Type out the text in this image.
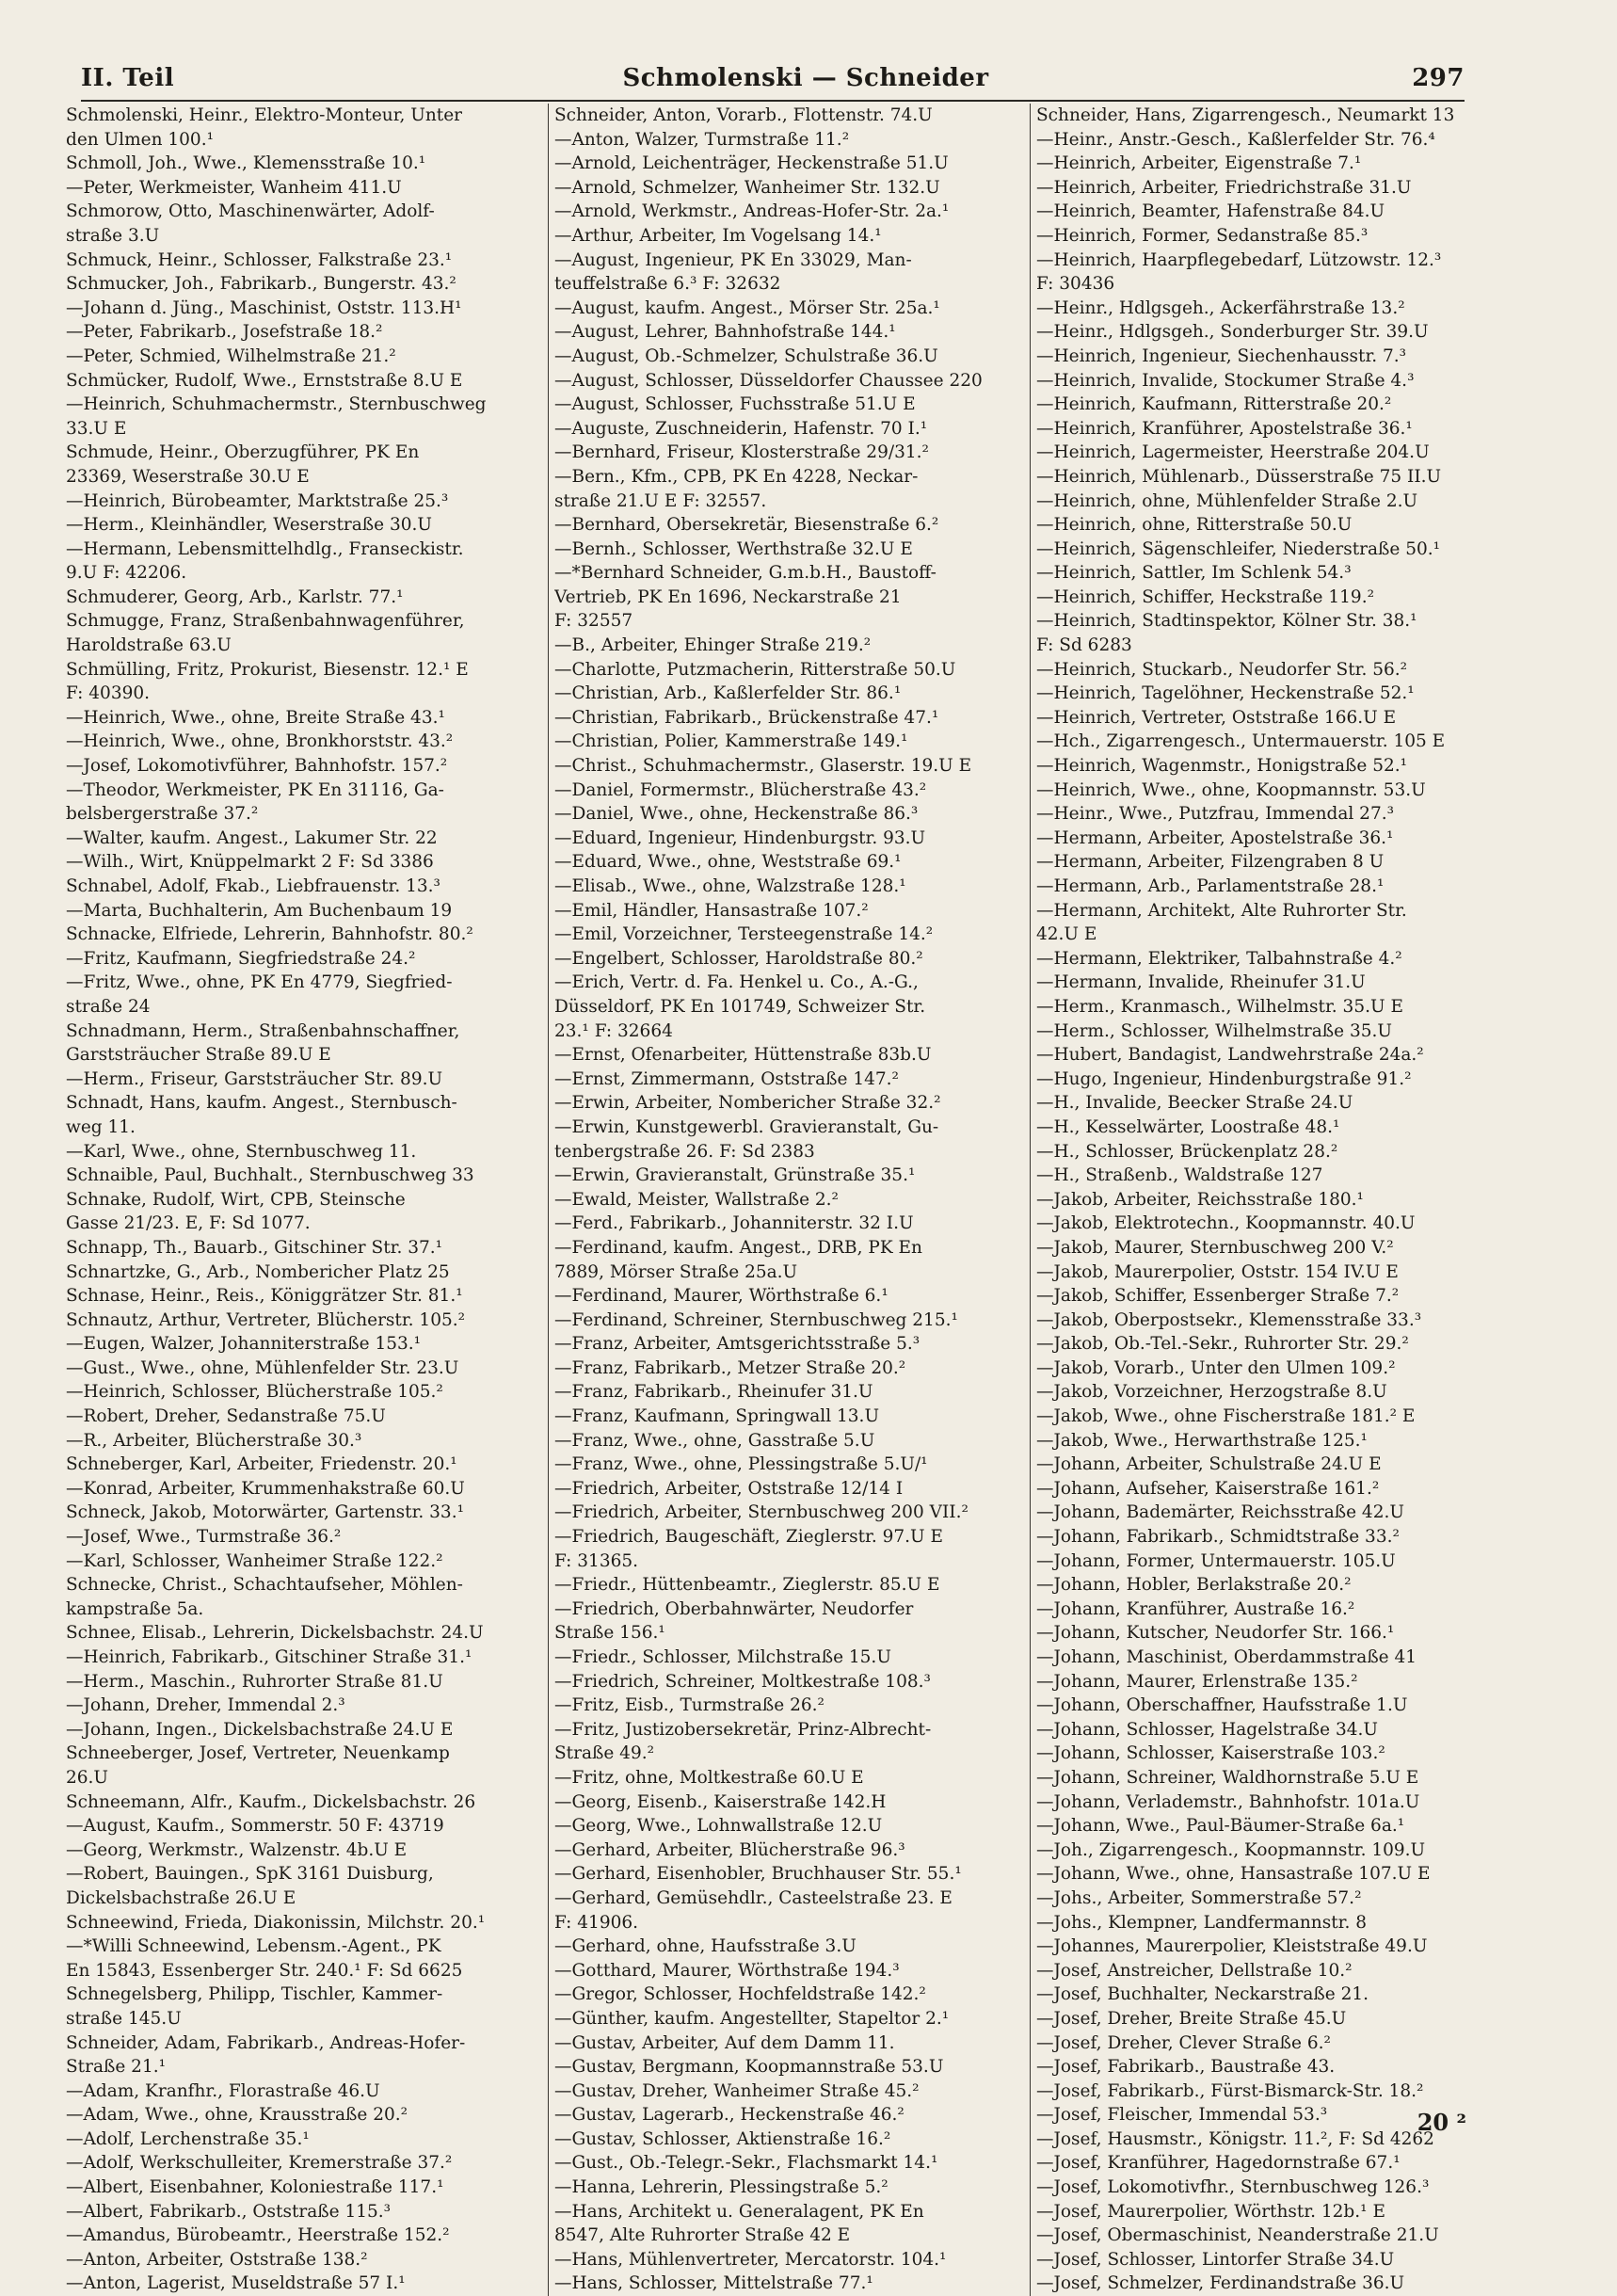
II. Teil	Schmolenski — Schneider	297
Schmolenski, Heinr., Elektro-Monteur, Unter
den Ulmen 100.¹
Schmoll, Joh., Wwe., Klemensstraße 10.¹
—Peter, Werkmeister, Wanheim 411.U
Schmorow, Otto, Maschinenwärter, Adolf-
straße 3.U
Schmuck, Heinr., Schlosser, Falkstraße 23.¹
Schmucker, Joh., Fabrikarb., Bungerstr. 43.²
—Johann d. Jüng., Maschinist, Oststr. 113.H¹
—Peter, Fabrikarb., Josefstraße 18.²
—Peter, Schmied, Wilhelmstraße 21.²
Schmücker, Rudolf, Wwe., Ernststraße 8.U E
—Heinrich, Schuhmachermstr., Sternbuschweg
33.U E
Schmude, Heinr., Oberzugführer, PK En
23369, Weserstraße 30.U E
—Heinrich, Bürobeamter, Marktstraße 25.³
—Herm., Kleinhändler, Weserstraße 30.U
—Hermann, Lebensmittelhdlg., Franseckistr.
9.U F: 42206.
Schmuderer, Georg, Arb., Karlstr. 77.¹
Schmugge, Franz, Straßenbahnwagenführer,
Haroldstraße 63.U
Schmülling, Fritz, Prokurist, Biesenstr. 12.¹ E
F: 40390.
—Heinrich, Wwe., ohne, Breite Straße 43.¹
—Heinrich, Wwe., ohne, Bronkhorststr. 43.²
—Josef, Lokomotivführer, Bahnhofstr. 157.²
—Theodor, Werkmeister, PK En 31116, Ga-
belsbergerstraße 37.²
—Walter, kaufm. Angest., Lakumer Str. 22
—Wilh., Wirt, Knüppelmarkt 2 F: Sd 3386
Schnabel, Adolf, Fkab., Liebfrauenstr. 13.³
—Marta, Buchhalterin, Am Buchenbaum 19
Schnacke, Elfriede, Lehrerin, Bahnhofstr. 80.²
—Fritz, Kaufmann, Siegfriedstraße 24.²
—Fritz, Wwe., ohne, PK En 4779, Siegfried-
straße 24
Schnadmann, Herm., Straßenbahnschaffner,
Garststräucher Straße 89.U E
—Herm., Friseur, Garststräucher Str. 89.U
Schnadt, Hans, kaufm. Angest., Sternbusch-
weg 11.
—Karl, Wwe., ohne, Sternbuschweg 11.
Schnaible, Paul, Buchhalt., Sternbuschweg 33
Schnake, Rudolf, Wirt, CPB, Steinsche
Gasse 21/23. E, F: Sd 1077.
Schnapp, Th., Bauarb., Gitschiner Str. 37.¹
Schnartzke, G., Arb., Nombericher Platz 25
Schnase, Heinr., Reis., Königgrätzer Str. 81.¹
Schnautz, Arthur, Vertreter, Blücherstr. 105.²
—Eugen, Walzer, Johanniterstraße 153.¹
—Gust., Wwe., ohne, Mühlenfelder Str. 23.U
—Heinrich, Schlosser, Blücherstraße 105.²
—Robert, Dreher, Sedanstraße 75.U
—R., Arbeiter, Blücherstraße 30.³
Schneberger, Karl, Arbeiter, Friedenstr. 20.¹
—Konrad, Arbeiter, Krummenhakstraße 60.U
Schneck, Jakob, Motorwärter, Gartenstr. 33.¹
—Josef, Wwe., Turmstraße 36.²
—Karl, Schlosser, Wanheimer Straße 122.²
Schnecke, Christ., Schachtaufseher, Möhlen-
kampstraße 5a.
Schnee, Elisab., Lehrerin, Dickelsbachstr. 24.U
—Heinrich, Fabrikarb., Gitschiner Straße 31.¹
—Herm., Maschin., Ruhrorter Straße 81.U
—Johann, Dreher, Immendal 2.³
—Johann, Ingen., Dickelsbachstraße 24.U E
Schneeberger, Josef, Vertreter, Neuenkamp
26.U
Schneemann, Alfr., Kaufm., Dickelsbachstr. 26
—August, Kaufm., Sommerstr. 50 F: 43719
—Georg, Werkmstr., Walzenstr. 4b.U E
—Robert, Bauingen., SpK 3161 Duisburg,
Dickelsbachstraße 26.U E
Schneewind, Frieda, Diakonissin, Milchstr. 20.¹
—*Willi Schneewind, Lebensm.-Agent., PK
En 15843, Essenberger Str. 240.¹ F: Sd 6625
Schnegelsberg, Philipp, Tischler, Kammer-
straße 145.U
Schneider, Adam, Fabrikarb., Andreas-Hofer-
Straße 21.¹
—Adam, Kranfhr., Florastraße 46.U
—Adam, Wwe., ohne, Krausstraße 20.²
—Adolf, Lerchenstraße 35.¹
—Adolf, Werkschulleiter, Kremerstraße 37.²
—Albert, Eisenbahner, Koloniestraße 117.¹
—Albert, Fabrikarb., Oststraße 115.³
—Amandus, Bürobeamtr., Heerstraße 152.²
—Anton, Arbeiter, Oststraße 138.²
—Anton, Lagerist, Museldstraße 57 I.¹
Schneider, Anton, Vorarb., Flottenstr. 74.U
—Anton, Walzer, Turmstraße 11.²
—Arnold, Leichenträger, Heckenstraße 51.U
—Arnold, Schmelzer, Wanheimer Str. 132.U
—Arnold, Werkmstr., Andreas-Hofer-Str. 2a.¹
—Arthur, Arbeiter, Im Vogelsang 14.¹
—August, Ingenieur, PK En 33029, Man-
teuffelstraße 6.³ F: 32632
—August, kaufm. Angest., Mörser Str. 25a.¹
—August, Lehrer, Bahnhofstraße 144.¹
—August, Ob.-Schmelzer, Schulstraße 36.U
—August, Schlosser, Düsseldorfer Chaussee 220
—August, Schlosser, Fuchsstraße 51.U E
—Auguste, Zuschneiderin, Hafenstr. 70 I.¹
—Bernhard, Friseur, Klosterstraße 29/31.²
—Bern., Kfm., CPB, PK En 4228, Neckar-
straße 21.U E F: 32557.
—Bernhard, Obersekretär, Biesenstraße 6.²
—Bernh., Schlosser, Werthstraße 32.U E
—*Bernhard Schneider, G.m.b.H., Baustoff-
Vertrieb, PK En 1696, Neckarstraße 21
F: 32557
—B., Arbeiter, Ehinger Straße 219.²
—Charlotte, Putzmacherin, Ritterstraße 50.U
—Christian, Arb., Kaßlerfelder Str. 86.¹
—Christian, Fabrikarb., Brückenstraße 47.¹
—Christian, Polier, Kammerstraße 149.¹
—Christ., Schuhmachermstr., Glaserstr. 19.U E
—Daniel, Formermstr., Blücherstraße 43.²
—Daniel, Wwe., ohne, Heckenstraße 86.³
—Eduard, Ingenieur, Hindenburgstr. 93.U
—Eduard, Wwe., ohne, Weststraße 69.¹
—Elisab., Wwe., ohne, Walzstraße 128.¹
—Emil, Händler, Hansastraße 107.²
—Emil, Vorzeichner, Tersteegenstraße 14.²
—Engelbert, Schlosser, Haroldstraße 80.²
—Erich, Vertr. d. Fa. Henkel u. Co., A.-G.,
Düsseldorf, PK En 101749, Schweizer Str.
23.¹ F: 32664
—Ernst, Ofenarbeiter, Hüttenstraße 83b.U
—Ernst, Zimmermann, Oststraße 147.²
—Erwin, Arbeiter, Nombericher Straße 32.²
—Erwin, Kunstgewerbl. Gravieranstalt, Gu-
tenbergstraße 26. F: Sd 2383
—Erwin, Gravieranstalt, Grünstraße 35.¹
—Ewald, Meister, Wallstraße 2.²
—Ferd., Fabrikarb., Johanniterstr. 32 I.U
—Ferdinand, kaufm. Angest., DRB, PK En
7889, Mörser Straße 25a.U
—Ferdinand, Maurer, Wörthstraße 6.¹
—Ferdinand, Schreiner, Sternbuschweg 215.¹
—Franz, Arbeiter, Amtsgerichtsstraße 5.³
—Franz, Fabrikarb., Metzer Straße 20.²
—Franz, Fabrikarb., Rheinufer 31.U
—Franz, Kaufmann, Springwall 13.U
—Franz, Wwe., ohne, Gasstraße 5.U
—Franz, Wwe., ohne, Plessingstraße 5.U/¹
—Friedrich, Arbeiter, Oststraße 12/14 I
—Friedrich, Arbeiter, Sternbuschweg 200 VII.²
—Friedrich, Baugeschäft, Zieglerstr. 97.U E
F: 31365.
—Friedr., Hüttenbeamtr., Zieglerstr. 85.U E
—Friedrich, Oberbahnwärter, Neudorfer
Straße 156.¹
—Friedr., Schlosser, Milchstraße 15.U
—Friedrich, Schreiner, Moltkestraße 108.³
—Fritz, Eisb., Turmstraße 26.²
—Fritz, Justizobersekretär, Prinz-Albrecht-
Straße 49.²
—Fritz, ohne, Moltkestraße 60.U E
—Georg, Eisenb., Kaiserstraße 142.H
—Georg, Wwe., Lohnwallstraße 12.U
—Gerhard, Arbeiter, Blücherstraße 96.³
—Gerhard, Eisenhobler, Bruchhauser Str. 55.¹
—Gerhard, Gemüsehdlr., Casteelstraße 23. E
F: 41906.
—Gerhard, ohne, Haufsstraße 3.U
—Gotthard, Maurer, Wörthstraße 194.³
—Gregor, Schlosser, Hochfeldstraße 142.²
—Günther, kaufm. Angestellter, Stapeltor 2.¹
—Gustav, Arbeiter, Auf dem Damm 11.
—Gustav, Bergmann, Koopmannstraße 53.U
—Gustav, Dreher, Wanheimer Straße 45.²
—Gustav, Lagerarb., Heckenstraße 46.²
—Gustav, Schlosser, Aktienstraße 16.²
—Gust., Ob.-Telegr.-Sekr., Flachsmarkt 14.¹
—Hanna, Lehrerin, Plessingstraße 5.²
—Hans, Architekt u. Generalagent, PK En
8547, Alte Ruhrorter Straße 42 E
—Hans, Mühlenvertreter, Mercatorstr. 104.¹
—Hans, Schlosser, Mittelstraße 77.¹
Schneider, Hans, Zigarrengesch., Neumarkt 13
—Heinr., Anstr.-Gesch., Kaßlerfelder Str. 76.⁴
—Heinrich, Arbeiter, Eigenstraße 7.¹
—Heinrich, Arbeiter, Friedrichstraße 31.U
—Heinrich, Beamter, Hafenstraße 84.U
—Heinrich, Former, Sedanstraße 85.³
—Heinrich, Haarpflegebedarf, Lützowstr. 12.³
F: 30436
—Heinr., Hdlgsgeh., Ackerfährstraße 13.²
—Heinr., Hdlgsgeh., Sonderburger Str. 39.U
—Heinrich, Ingenieur, Siechenhausstr. 7.³
—Heinrich, Invalide, Stockumer Straße 4.³
—Heinrich, Kaufmann, Ritterstraße 20.²
—Heinrich, Kranführer, Apostelstraße 36.¹
—Heinrich, Lagermeister, Heerstraße 204.U
—Heinrich, Mühlenarb., Düsserstraße 75 II.U
—Heinrich, ohne, Mühlenfelder Straße 2.U
—Heinrich, ohne, Ritterstraße 50.U
—Heinrich, Sägenschleifer, Niederstraße 50.¹
—Heinrich, Sattler, Im Schlenk 54.³
—Heinrich, Schiffer, Heckstraße 119.²
—Heinrich, Stadtinspektor, Kölner Str. 38.¹
F: Sd 6283
—Heinrich, Stuckarb., Neudorfer Str. 56.²
—Heinrich, Tagelöhner, Heckenstraße 52.¹
—Heinrich, Vertreter, Oststraße 166.U E
—Hch., Zigarrengesch., Untermauerstr. 105 E
—Heinrich, Wagenmstr., Honigstraße 52.¹
—Heinrich, Wwe., ohne, Koopmannstr. 53.U
—Heinr., Wwe., Putzfrau, Immendal 27.³
—Hermann, Arbeiter, Apostelstraße 36.¹
—Hermann, Arbeiter, Filzengraben 8 U
—Hermann, Arb., Parlamentstraße 28.¹
—Hermann, Architekt, Alte Ruhrorter Str.
42.U E
—Hermann, Elektriker, Talbahnstraße 4.²
—Hermann, Invalide, Rheinufer 31.U
—Herm., Kranmasch., Wilhelmstr. 35.U E
—Herm., Schlosser, Wilhelmstraße 35.U
—Hubert, Bandagist, Landwehrstraße 24a.²
—Hugo, Ingenieur, Hindenburgstraße 91.²
—H., Invalide, Beecker Straße 24.U
—H., Kesselwärter, Loostraße 48.¹
—H., Schlosser, Brückenplatz 28.²
—H., Straßenb., Waldstraße 127
—Jakob, Arbeiter, Reichsstraße 180.¹
—Jakob, Elektrotechn., Koopmannstr. 40.U
—Jakob, Maurer, Sternbuschweg 200 V.²
—Jakob, Maurerpolier, Oststr. 154 IV.U E
—Jakob, Schiffer, Essenberger Straße 7.²
—Jakob, Oberpostsekr., Klemensstraße 33.³
—Jakob, Ob.-Tel.-Sekr., Ruhrorter Str. 29.²
—Jakob, Vorarb., Unter den Ulmen 109.²
—Jakob, Vorzeichner, Herzogstraße 8.U
—Jakob, Wwe., ohne Fischerstraße 181.² E
—Jakob, Wwe., Herwarthstraße 125.¹
—Johann, Arbeiter, Schulstraße 24.U E
—Johann, Aufseher, Kaiserstraße 161.²
—Johann, Bademärter, Reichsstraße 42.U
—Johann, Fabrikarb., Schmidtstraße 33.²
—Johann, Former, Untermauerstr. 105.U
—Johann, Hobler, Berlakstraße 20.²
—Johann, Kranführer, Austraße 16.²
—Johann, Kutscher, Neudorfer Str. 166.¹
—Johann, Maschinist, Oberdammstraße 41
—Johann, Maurer, Erlenstraße 135.²
—Johann, Oberschaffner, Haufsstraße 1.U
—Johann, Schlosser, Hagelstraße 34.U
—Johann, Schlosser, Kaiserstraße 103.²
—Johann, Schreiner, Waldhornstraße 5.U E
—Johann, Verlademstr., Bahnhofstr. 101a.U
—Johann, Wwe., Paul-Bäumer-Straße 6a.¹
—Joh., Zigarrengesch., Koopmannstr. 109.U
—Johann, Wwe., ohne, Hansastraße 107.U E
—Johs., Arbeiter, Sommerstraße 57.²
—Johs., Klempner, Landfermannstr. 8
—Johannes, Maurerpolier, Kleiststraße 49.U
—Josef, Anstreicher, Dellstraße 10.²
—Josef, Buchhalter, Neckarstraße 21.
—Josef, Dreher, Breite Straße 45.U
—Josef, Dreher, Clever Straße 6.²
—Josef, Fabrikarb., Baustraße 43.
—Josef, Fabrikarb., Fürst-Bismarck-Str. 18.²
—Josef, Fleischer, Immendal 53.³
—Josef, Hausmstr., Königstr. 11.², F: Sd 4262
—Josef, Kranführer, Hagedornstraße 67.¹
—Josef, Lokomotivfhr., Sternbuschweg 126.³
—Josef, Maurerpolier, Wörthstr. 12b.¹ E
—Josef, Obermaschinist, Neanderstraße 21.U
—Josef, Schlosser, Lintorfer Straße 34.U
—Josef, Schmelzer, Ferdinandstraße 36.U
20 ²
